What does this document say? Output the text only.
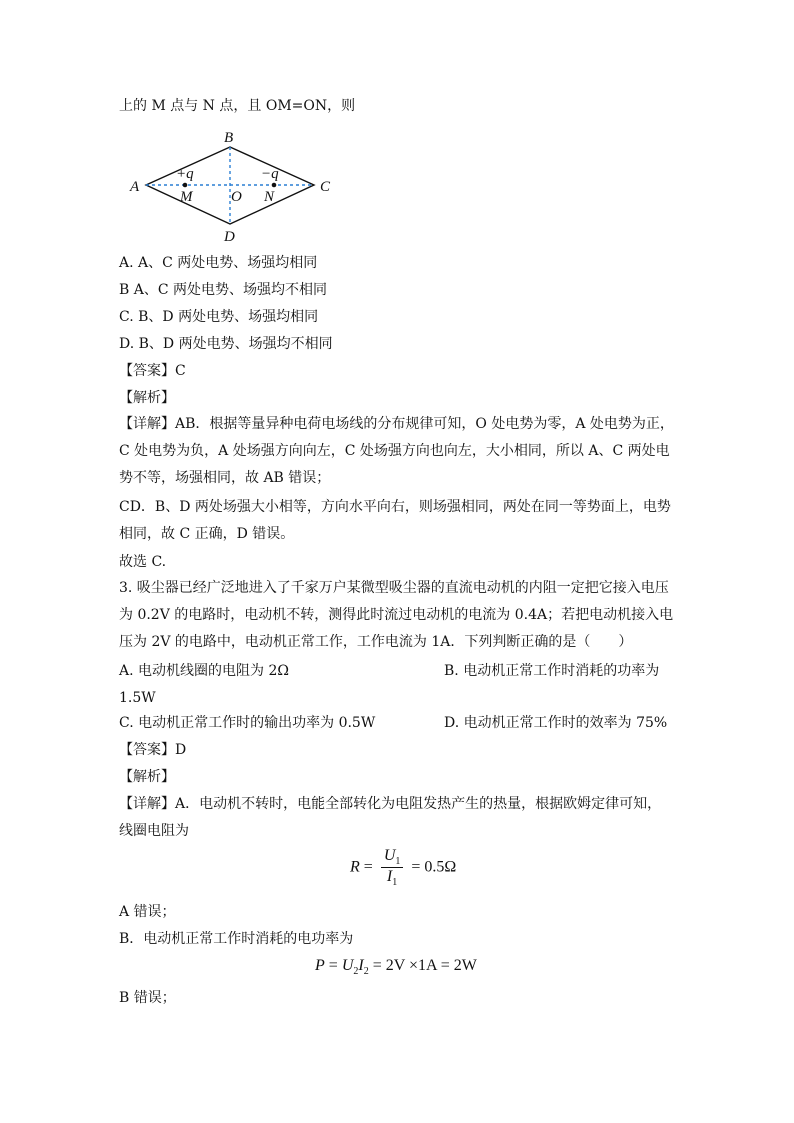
上的 M 点与 N 点，且 OM=ON，则
B
A	C
D
+q	−q
M	O N
A. A、C 两处电势、场强均相同
B A、C 两处电势、场强均不相同
C. B、D 两处电势、场强均相同
D. B、D 两处电势、场强均不相同
【答案】C
【解析】
【详解】AB．根据等量异种电荷电场线的分布规律可知，O 处电势为零，A 处电势为正，C 处电势为负，A 处场强方向向左，C 处场强方向也向左，大小相同，所以 A、C 两处电势不等，场强相同，故 AB 错误；
CD．B、D 两处场强大小相等，方向水平向右，则场强相同，两处在同一等势面上，电势相同，故 C 正确，D 错误。
故选 C.
3. 吸尘器已经广泛地进入了千家万户某微型吸尘器的直流电动机的内阻一定把它接入电压为 0.2V 的电路时，电动机不转，测得此时流过电动机的电流为 0.4A；若把电动机接入电压为 2V 的电路中，电动机正常工作，工作电流为 1A．下列判断正确的是（　　）
A. 电动机线圈的电阻为 2Ω	B. 电动机正常工作时消耗的功率为
1.5W
C. 电动机正常工作时的输出功率为 0.5W	D. 电动机正常工作时的效率为 75%
【答案】D
【解析】
【详解】A．电动机不转时，电能全部转化为电阻发热产生的热量，根据欧姆定律可知，
线圈电阻为
$R = \frac{U_1}{I_1} = 0.5\Omega$
A 错误；
B．电动机正常工作时消耗的电功率为
$P = U_2I_2 = 2V \times 1A = 2W$
B 错误；
